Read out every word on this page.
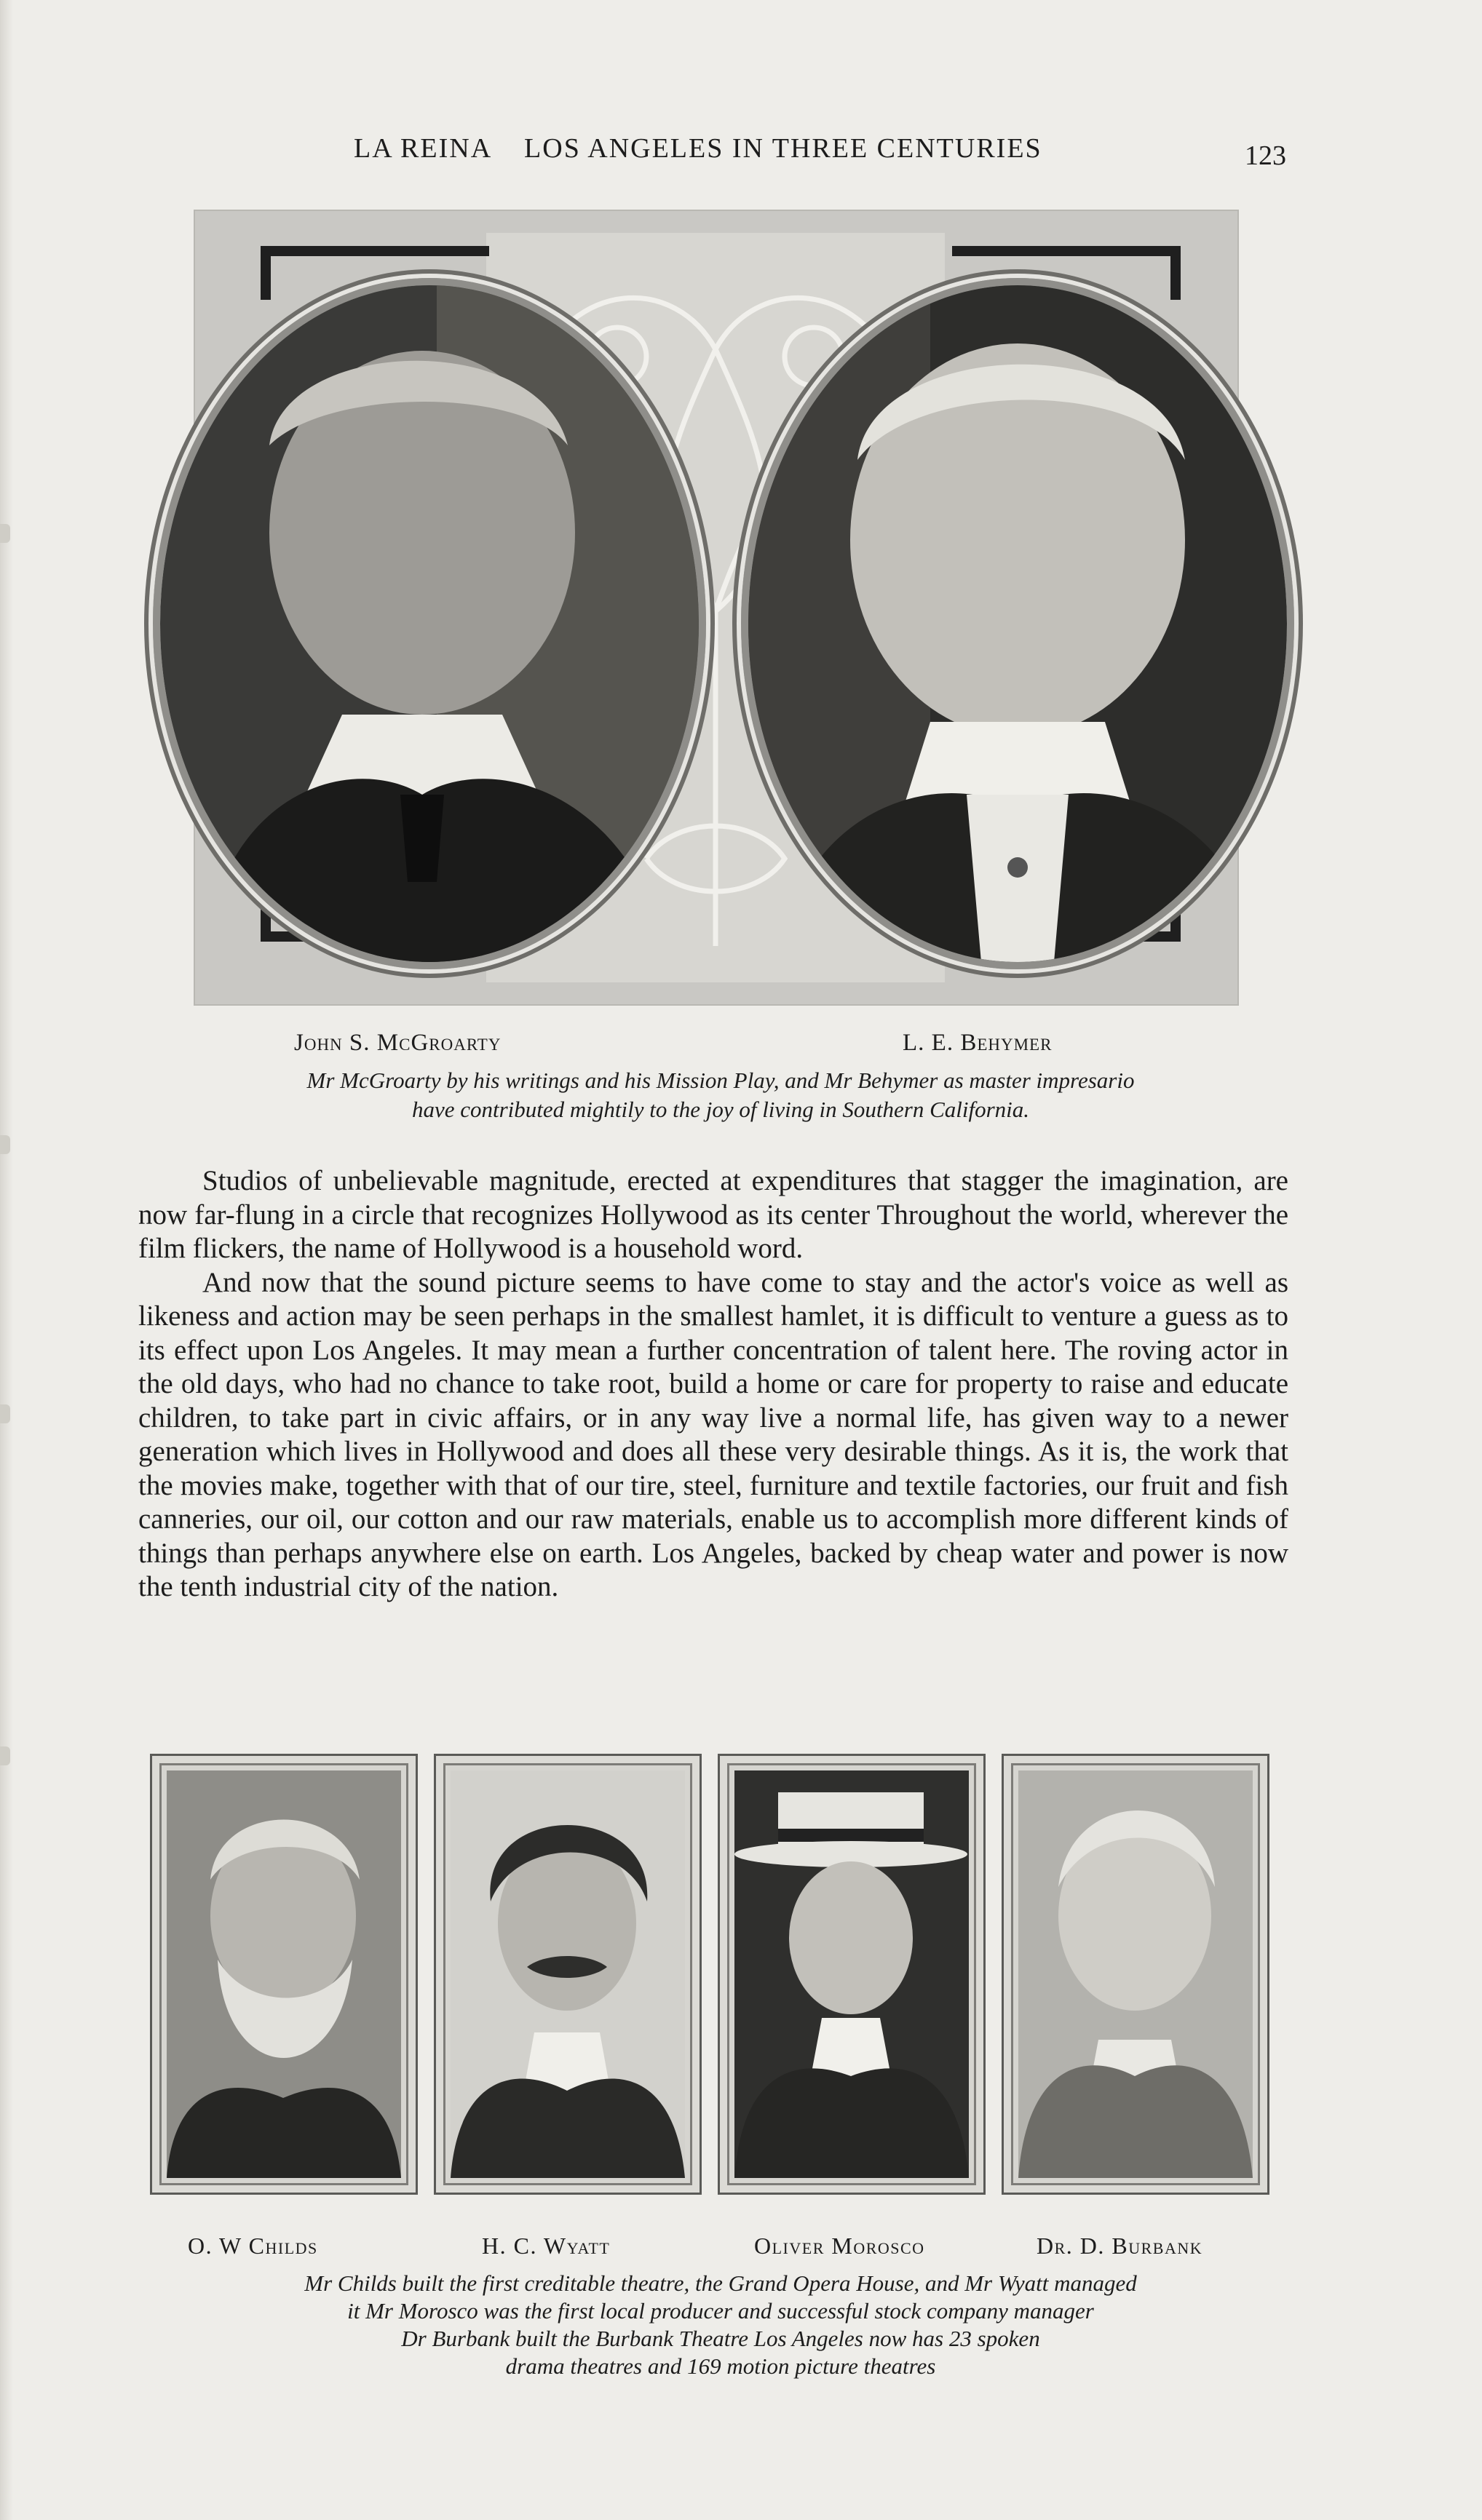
LA REINA    LOS ANGELES IN THREE CENTURIES	123
John S. McGroarty	L. E. Behymer
Mr McGroarty by his writings and his Mission Play, and Mr Behymer as master impresario
have contributed mightily to the joy of living in Southern California.

Studios of unbelievable magnitude, erected at expenditures that stagger the imagination, are now far-flung in a circle that recognizes Hollywood as its center Throughout the world, wherever the film flickers, the name of Hollywood is a household word.

And now that the sound picture seems to have come to stay and the actor's voice as well as likeness and action may be seen perhaps in the smallest hamlet, it is difficult to venture a guess as to its effect upon Los Angeles. It may mean a further concentration of talent here. The roving actor in the old days, who had no chance to take root, build a home or care for property to raise and educate children, to take part in civic affairs, or in any way live a normal life, has given way to a newer generation which lives in Hollywood and does all these very desirable things. As it is, the work that the movies make, together with that of our tire, steel, furniture and textile factories, our fruit and fish canneries, our oil, our cotton and our raw materials, enable us to accomplish more different kinds of things than perhaps anywhere else on earth. Los Angeles, backed by cheap water and power is now the tenth industrial city of the nation.

O. W Childs	H. C. Wyatt	Oliver Morosco	Dr. D. Burbank
Mr Childs built the first creditable theatre, the Grand Opera House, and Mr Wyatt managed
it Mr Morosco was the first local producer and successful stock company manager
Dr Burbank built the Burbank Theatre Los Angeles now has 23 spoken
drama theatres and 169 motion picture theatres
